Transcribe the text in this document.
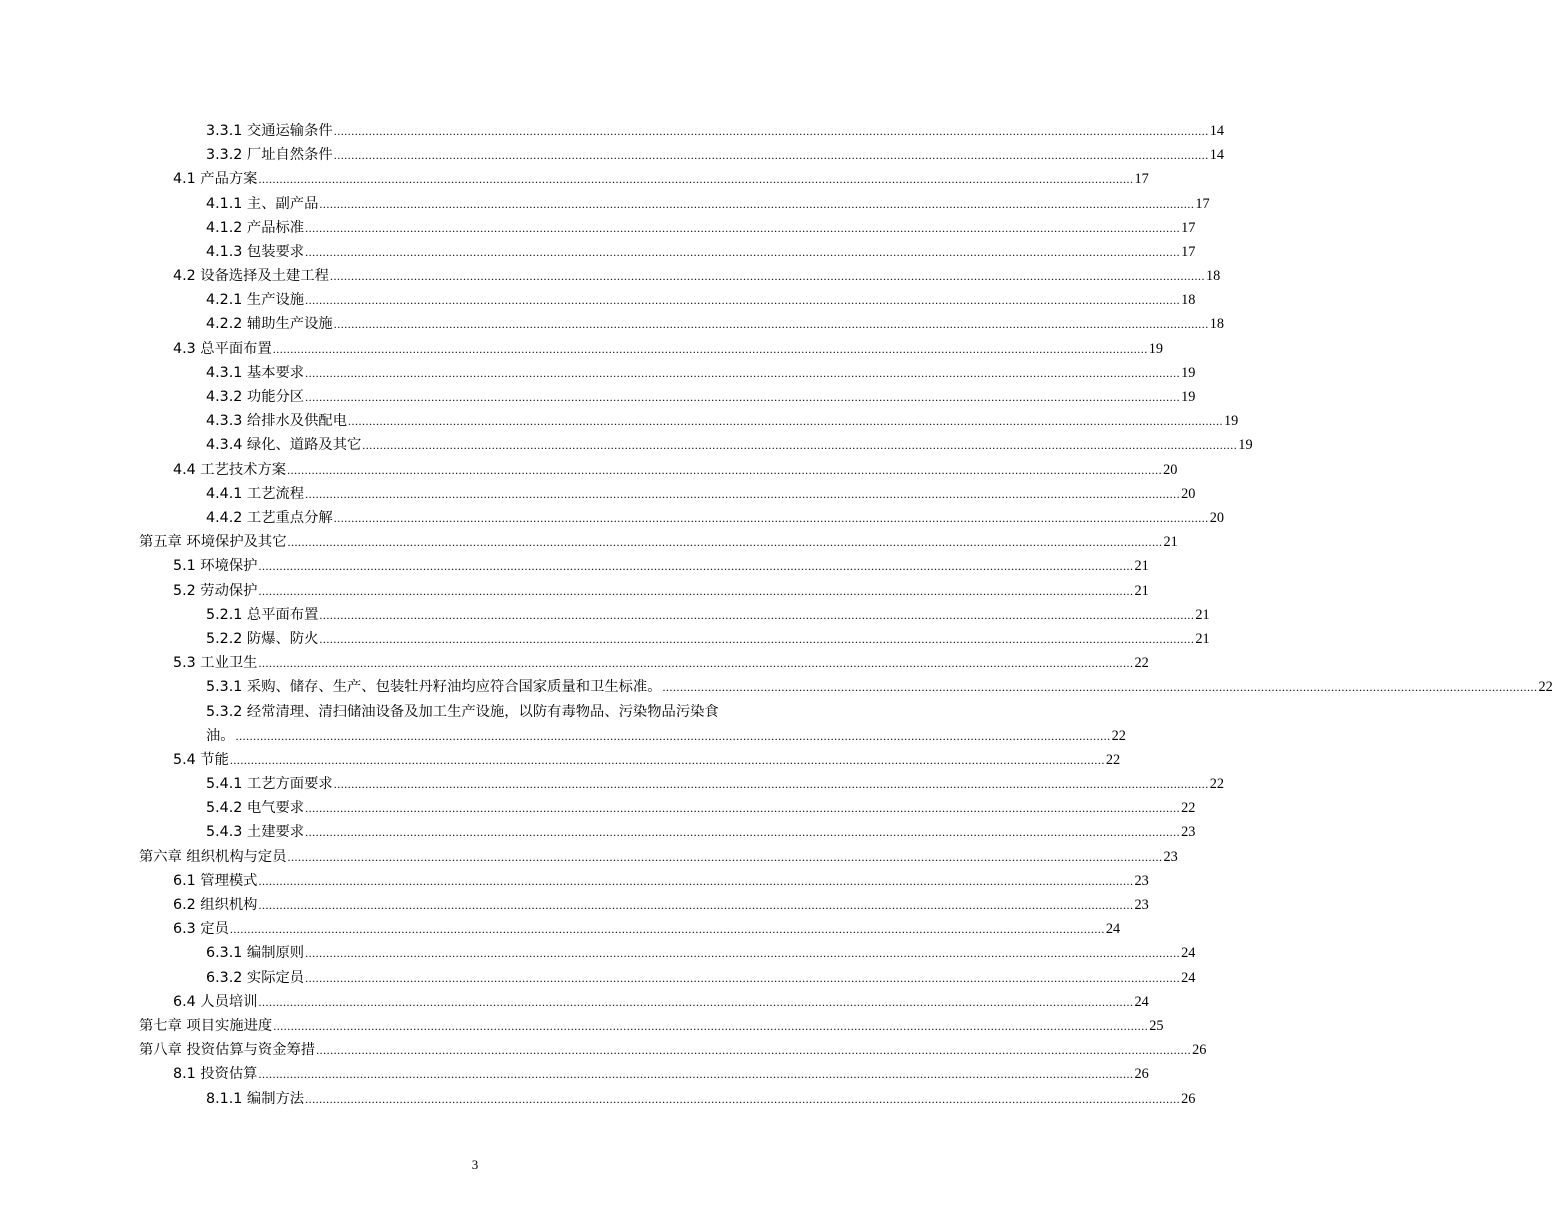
3.3.1 交通运输条件 .....	14
3.3.2 厂址自然条件 .....	14
4.1 产品方案 .....	17
4.1.1 主、副产品 .....	17
4.1.2 产品标准 .....	17
4.1.3 包装要求 .....	17
4.2 设备选择及土建工程 .....	18
4.2.1 生产设施 .....	18
4.2.2 辅助生产设施 .....	18
4.3 总平面布置 .....	19
4.3.1 基本要求 .....	19
4.3.2 功能分区 .....	19
4.3.3 给排水及供配电 .....	19
4.3.4 绿化、道路及其它 .....	19
4.4 工艺技术方案 .....	20
4.4.1 工艺流程 .....	20
4.4.2 工艺重点分解 .....	20
第五章 环境保护及其它 .....	21
5.1 环境保护 .....	21
5.2 劳动保护 .....	21
5.2.1 总平面布置 .....	21
5.2.2 防爆、防火 .....	21
5.3 工业卫生 .....	22
5.3.1 采购、储存、生产、包装牡丹籽油均应符合国家质量和卫生标准。 .....	22
5.3.2 经常清理、清扫储油设备及加工生产设施，以防有毒物品、污染物品污染食
油。 .....	22
5.4 节能 .....	22
5.4.1 工艺方面要求 .....	22
5.4.2 电气要求 .....	22
5.4.3 土建要求 .....	23
第六章 组织机构与定员 .....	23
6.1 管理模式 .....	23
6.2 组织机构 .....	23
6.3 定员 .....	24
6.3.1 编制原则 .....	24
6.3.2 实际定员 .....	24
6.4 人员培训 .....	24
第七章 项目实施进度 .....	25
第八章 投资估算与资金筹措 .....	26
8.1 投资估算 .....	26
8.1.1 编制方法 .....	26
3
